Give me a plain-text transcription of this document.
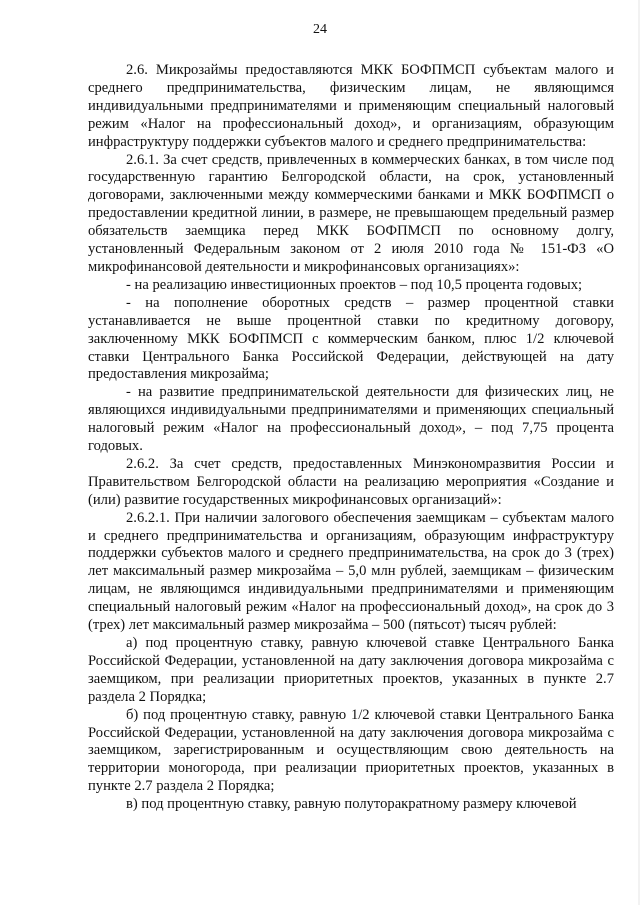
24

2.6. Микрозаймы предоставляются МКК БОФПМСП субъектам малого и среднего предпринимательства, физическим лицам, не являющимся индивидуальными предпринимателями и применяющим специальный налоговый режим «Налог на профессиональный доход», и организациям, образующим инфраструктуру поддержки субъектов малого и среднего предпринимательства:

2.6.1. За счет средств, привлеченных в коммерческих банках, в том числе под государственную гарантию Белгородской области, на срок, установленный договорами, заключенными между коммерческими банками и МКК БОФПМСП о предоставлении кредитной линии, в размере, не превышающем предельный размер обязательств заемщика перед МКК БОФПМСП по основному долгу, установленный Федеральным законом от 2 июля 2010 года № 151-ФЗ «О микрофинансовой деятельности и микрофинансовых организациях»:

- на реализацию инвестиционных проектов – под 10,5 процента годовых;

- на пополнение оборотных средств – размер процентной ставки устанавливается не выше процентной ставки по кредитному договору, заключенному МКК БОФПМСП с коммерческим банком, плюс 1/2 ключевой ставки Центрального Банка Российской Федерации, действующей на дату предоставления микрозайма;

- на развитие предпринимательской деятельности для физических лиц, не являющихся индивидуальными предпринимателями и применяющих специальный налоговый режим «Налог на профессиональный доход», – под 7,75 процента годовых.

2.6.2. За счет средств, предоставленных Минэкономразвития России и Правительством Белгородской области на реализацию мероприятия «Создание и (или) развитие государственных микрофинансовых организаций»:

2.6.2.1. При наличии залогового обеспечения заемщикам – субъектам малого и среднего предпринимательства и организациям, образующим инфраструктуру поддержки субъектов малого и среднего предпринимательства, на срок до 3 (трех) лет максимальный размер микрозайма – 5,0 млн рублей, заемщикам – физическим лицам, не являющимся индивидуальными предпринимателями и применяющим специальный налоговый режим «Налог на профессиональный доход», на срок до 3 (трех) лет максимальный размер микрозайма – 500 (пятьсот) тысяч рублей:

а) под процентную ставку, равную ключевой ставке Центрального Банка Российской Федерации, установленной на дату заключения договора микрозайма с заемщиком, при реализации приоритетных проектов, указанных в пункте 2.7 раздела 2 Порядка;

б) под процентную ставку, равную 1/2 ключевой ставки Центрального Банка Российской Федерации, установленной на дату заключения договора микрозайма с заемщиком, зарегистрированным и осуществляющим свою деятельность на территории моногорода, при реализации приоритетных проектов, указанных в пункте 2.7 раздела 2 Порядка;

в) под процентную ставку, равную полуторакратному размеру ключевой
